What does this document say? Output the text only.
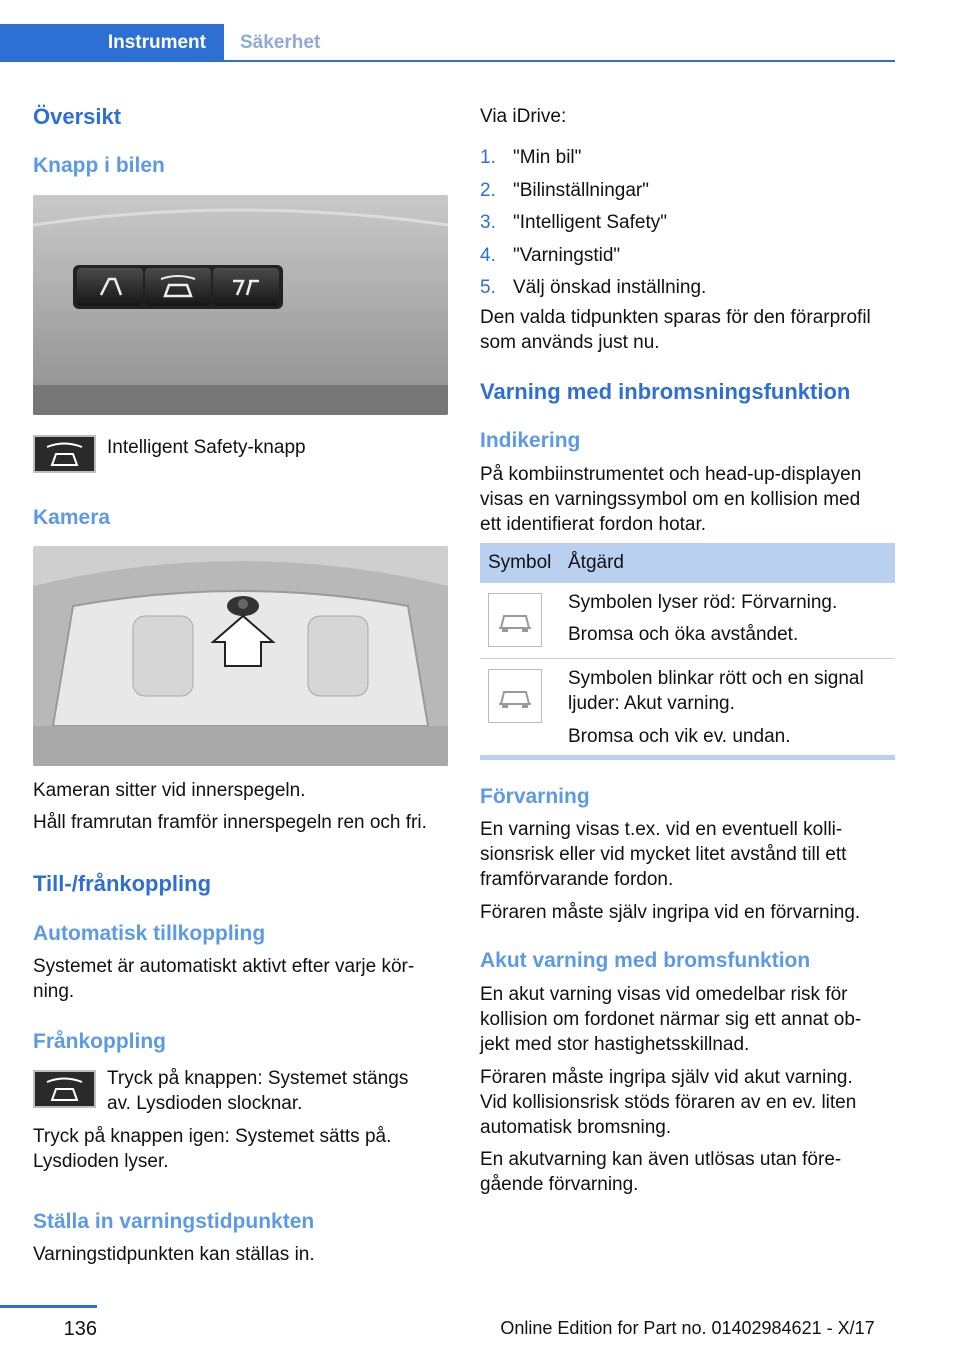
Instrument	Säkerhet
Översikt
Knapp i bilen
Intelligent Safety-knapp
Kamera
Kameran sitter vid innerspegeln.
Håll framrutan framför innerspegeln ren och fri.
Till-/frånkoppling
Automatisk tillkoppling
Systemet är automatiskt aktivt efter varje kör‐
ning.
Frånkoppling
Tryck på knappen: Systemet stängs
av. Lysdioden slocknar.
Tryck på knappen igen: Systemet sätts på.
Lysdioden lyser.
Ställa in varningstidpunkten
Varningstidpunkten kan ställas in.
Via iDrive:
1. "Min bil"
2. "Bilinställningar"
3. "Intelligent Safety"
4. "Varningstid"
5. Välj önskad inställning.
Den valda tidpunkten sparas för den förarprofil
som används just nu.
Varning med inbromsningsfunktion
Indikering
På kombiinstrumentet och head-up-displayen
visas en varningssymbol om en kollision med
ett identifierat fordon hotar.
Symbol Åtgärd
Symbolen lyser röd: Förvarning.
Bromsa och öka avståndet.
Symbolen blinkar rött och en signal
ljuder: Akut varning.
Bromsa och vik ev. undan.
Förvarning
En varning visas t.ex. vid en eventuell kolli‐
sionsrisk eller vid mycket litet avstånd till ett
framförvarande fordon.
Föraren måste själv ingripa vid en förvarning.
Akut varning med bromsfunktion
En akut varning visas vid omedelbar risk för
kollision om fordonet närmar sig ett annat ob‐
jekt med stor hastighetsskillnad.
Föraren måste ingripa själv vid akut varning.
Vid kollisionsrisk stöds föraren av en ev. liten
automatisk bromsning.
En akutvarning kan även utlösas utan före‐
gående förvarning.
136	Online Edition for Part no. 01402984621 - X/17
